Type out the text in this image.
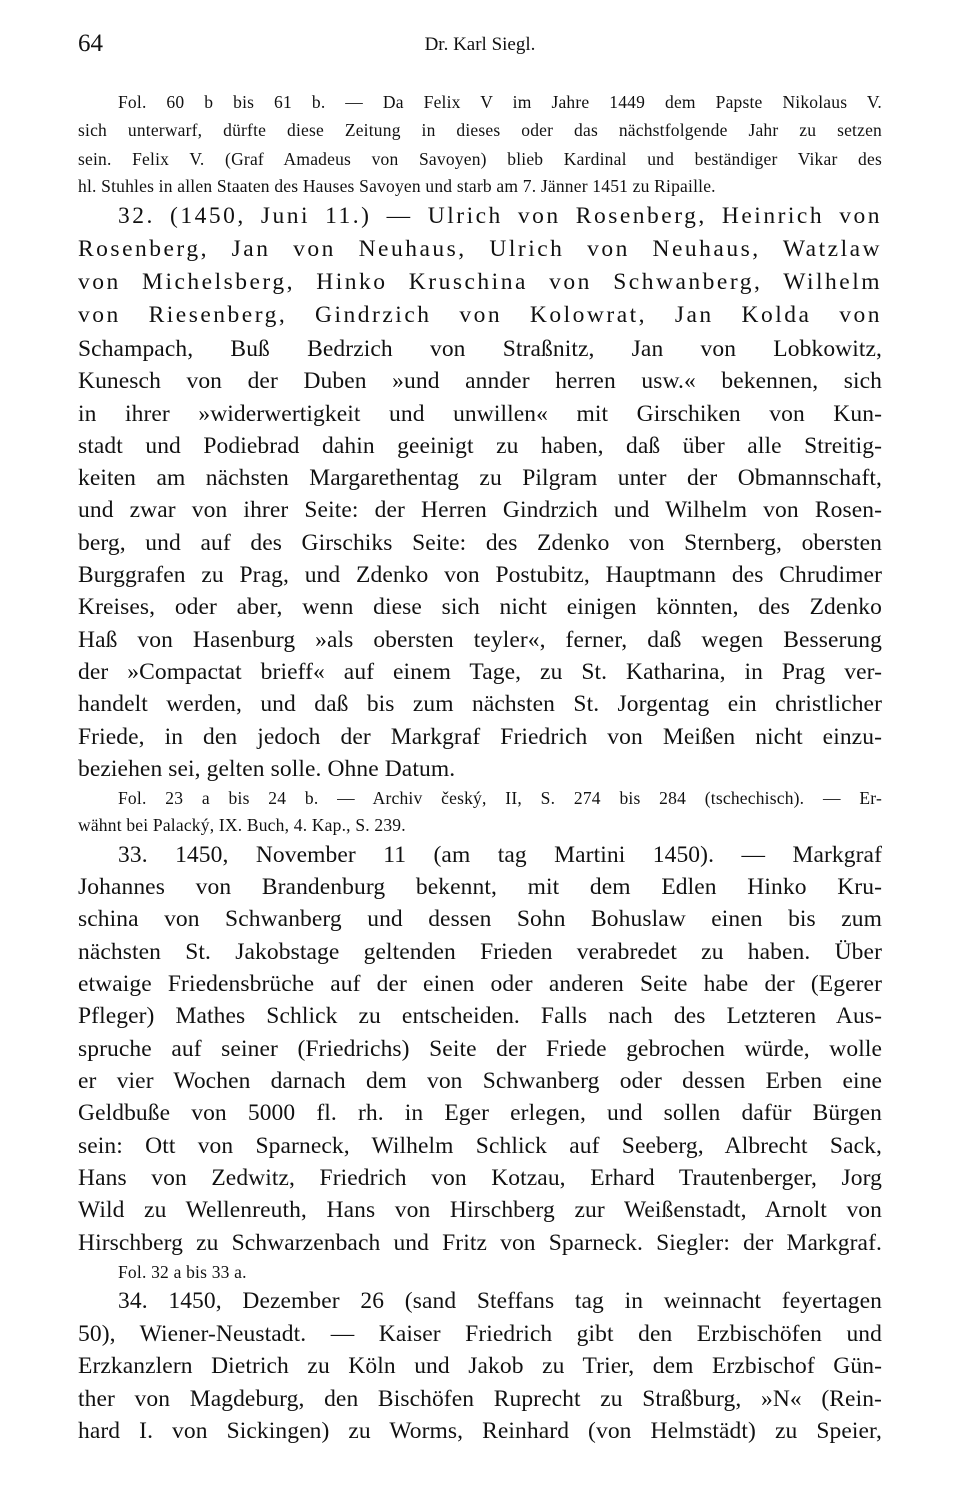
64	Dr. Karl Siegl.
Fol. 60 b bis 61 b. — Da Felix V im Jahre 1449 dem Papste Nikolaus V.
sich unterwarf, dürfte diese Zeitung in dieses oder das nächstfolgende Jahr zu setzen
sein. Felix V. (Graf Amadeus von Savoyen) blieb Kardinal und beständiger Vikar des
hl. Stuhles in allen Staaten des Hauses Savoyen und starb am 7. Jänner 1451 zu Ripaille.
32. (1450, Juni 11.) — Ulrich von Rosenberg, Heinrich von
Rosenberg, Jan von Neuhaus, Ulrich von Neuhaus, Watzlaw
von Michelsberg, Hinko Kruschina von Schwanberg, Wilhelm
von Riesenberg, Gindrzich von Kolowrat, Jan Kolda von
Schampach, Buß Bedrzich von Straßnitz, Jan von Lobkowitz,
Kunesch von der Duben »und annder herren usw.« bekennen, sich
in ihrer »widerwertigkeit und unwillen« mit Girschiken von Kun-
stadt und Podiebrad dahin geeinigt zu haben, daß über alle Streitig-
keiten am nächsten Margarethentag zu Pilgram unter der Obmannschaft,
und zwar von ihrer Seite: der Herren Gindrzich und Wilhelm von Rosen-
berg, und auf des Girschiks Seite: des Zdenko von Sternberg, obersten
Burggrafen zu Prag, und Zdenko von Postubitz, Hauptmann des Chrudimer
Kreises, oder aber, wenn diese sich nicht einigen könnten, des Zdenko
Haß von Hasenburg »als obersten teyler«, ferner, daß wegen Besserung
der »Compactat brieff« auf einem Tage, zu St. Katharina, in Prag ver-
handelt werden, und daß bis zum nächsten St. Jorgentag ein christlicher
Friede, in den jedoch der Markgraf Friedrich von Meißen nicht einzu-
beziehen sei, gelten solle. Ohne Datum.
Fol. 23 a bis 24 b. — Archiv český, II, S. 274 bis 284 (tschechisch). — Er-
wähnt bei Palacký, IX. Buch, 4. Kap., S. 239.
33. 1450, November 11 (am tag Martini 1450). — Markgraf
Johannes von Brandenburg bekennt, mit dem Edlen Hinko Kru-
schina von Schwanberg und dessen Sohn Bohuslaw einen bis zum
nächsten St. Jakobstage geltenden Frieden verabredet zu haben. Über
etwaige Friedensbrüche auf der einen oder anderen Seite habe der (Egerer
Pfleger) Mathes Schlick zu entscheiden. Falls nach des Letzteren Aus-
spruche auf seiner (Friedrichs) Seite der Friede gebrochen würde, wolle
er vier Wochen darnach dem von Schwanberg oder dessen Erben eine
Geldbuße von 5000 fl. rh. in Eger erlegen, und sollen dafür Bürgen
sein: Ott von Sparneck, Wilhelm Schlick auf Seeberg, Albrecht Sack,
Hans von Zedwitz, Friedrich von Kotzau, Erhard Trautenberger, Jorg
Wild zu Wellenreuth, Hans von Hirschberg zur Weißenstadt, Arnolt von
Hirschberg zu Schwarzenbach und Fritz von Sparneck. Siegler: der Markgraf.
Fol. 32 a bis 33 a.
34. 1450, Dezember 26 (sand Steffans tag in weinnacht feyertagen
50), Wiener-Neustadt. — Kaiser Friedrich gibt den Erzbischöfen und
Erzkanzlern Dietrich zu Köln und Jakob zu Trier, dem Erzbischof Gün-
ther von Magdeburg, den Bischöfen Ruprecht zu Straßburg, »N« (Rein-
hard I. von Sickingen) zu Worms, Reinhard (von Helmstädt) zu Speier,
